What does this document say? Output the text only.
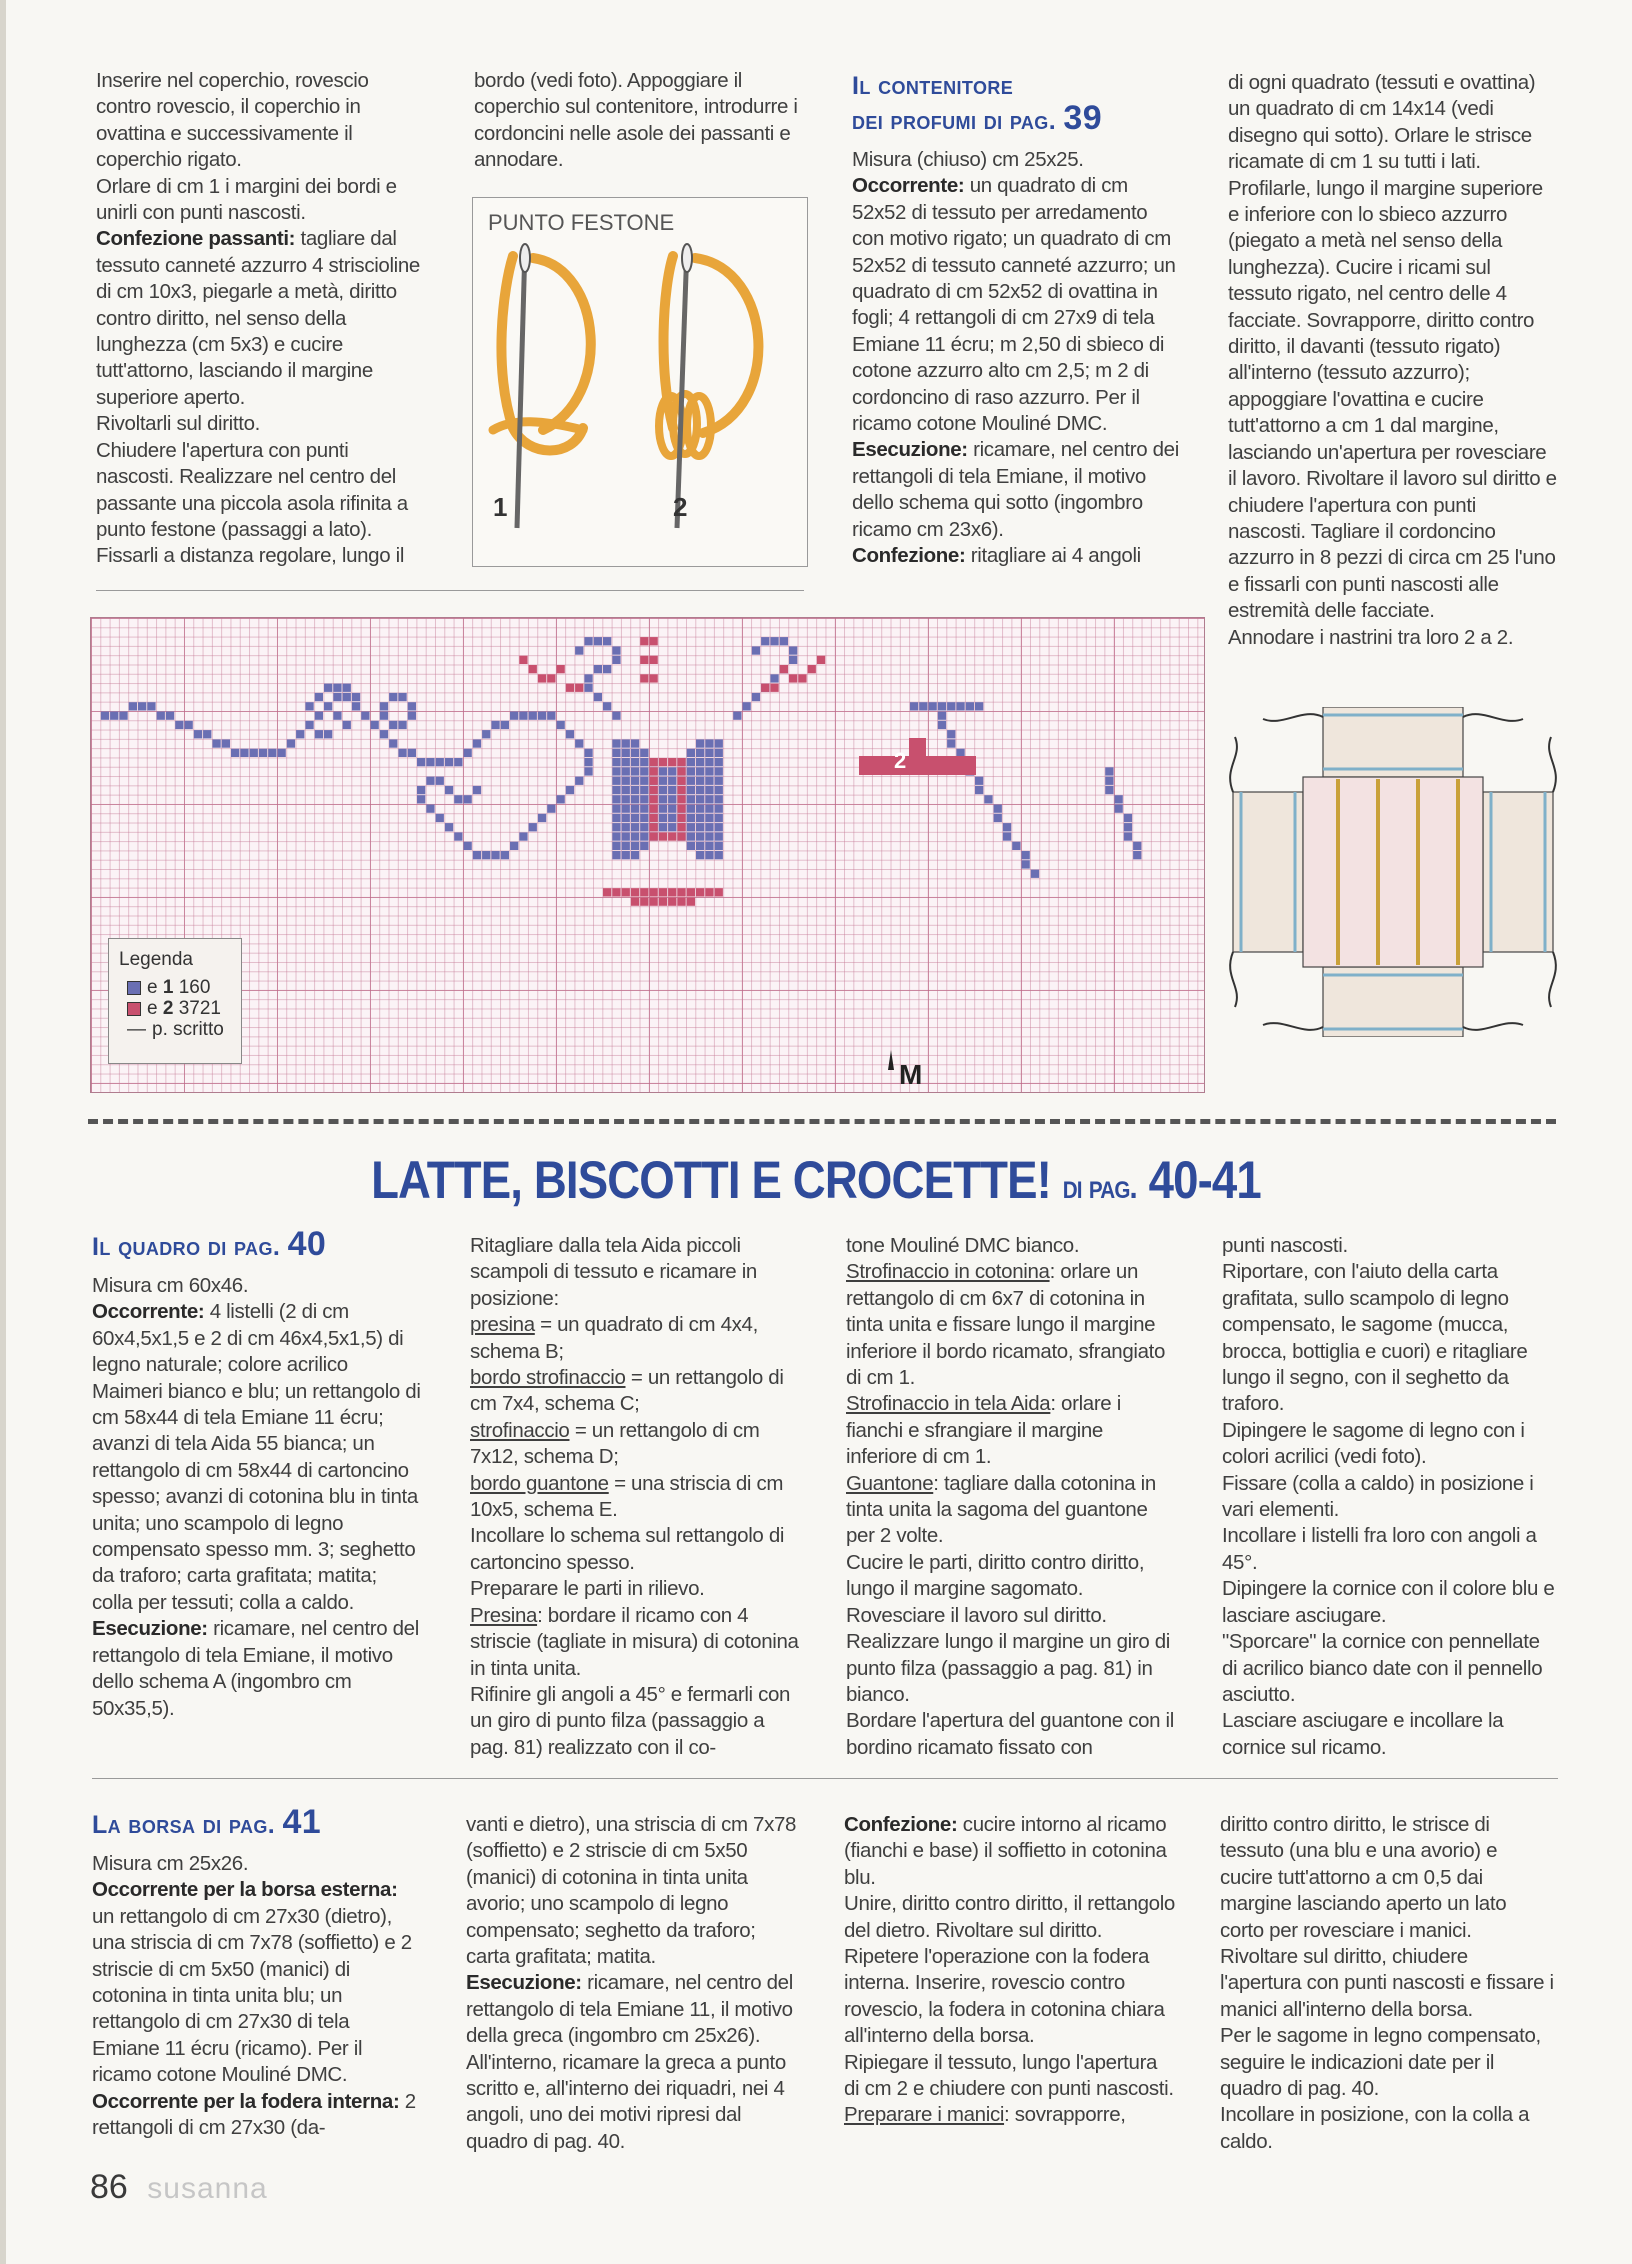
Inserire nel coperchio, rovescio contro rovescio, il coperchio in ovattina e successivamente il coperchio rigato.

Orlare di cm 1 i margini dei bordi e unirli con punti nascosti.

Confezione passanti: tagliare dal tessuto canneté azzurro 4 striscioline di cm 10x3, piegarle a metà, diritto contro diritto, nel senso della lunghezza (cm 5x3) e cucire tutt'attorno, lasciando il margine superiore aperto.

Rivoltarli sul diritto.

Chiudere l'apertura con punti nascosti. Realizzare nel centro del passante una piccola asola rifinita a punto festone (passaggi a lato). Fissarli a distanza regolare, lungo il

bordo (vedi foto). Appoggiare il coperchio sul contenitore, introdurre i cordoncini nelle asole dei passanti e annodare.

PUNTO FESTONE
1	2
Il contenitore
dei profumi di pag. 39

Misura (chiuso) cm 25x25.

Occorrente: un quadrato di cm 52x52 di tessuto per arredamento con motivo rigato; un quadrato di cm 52x52 di tessuto canneté azzurro; un quadrato di cm 52x52 di ovattina in fogli; 4 rettangoli di cm 27x9 di tela Emiane 11 écru; m 2,50 di sbieco di cotone azzurro alto cm 2,5; m 2 di cordoncino di raso azzurro. Per il ricamo cotone Mouliné DMC.

Esecuzione: ricamare, nel centro dei rettangoli di tela Emiane, il motivo dello schema qui sotto (ingombro ricamo cm 23x6).

Confezione: ritagliare ai 4 angoli

di ogni quadrato (tessuti e ovattina) un quadrato di cm 14x14 (vedi disegno qui sotto). Orlare le strisce ricamate di cm 1 su tutti i lati. Profilarle, lungo il margine superiore e inferiore con lo sbieco azzurro (piegato a metà nel senso della lunghezza). Cucire i ricami sul tessuto rigato, nel centro delle 4 facciate. Sovrapporre, diritto contro diritto, il davanti (tessuto rigato) all'interno (tessuto azzurro); appoggiare l'ovattina e cucire tutt'attorno a cm 1 dal margine, lasciando un'apertura per rovesciare il lavoro. Rivoltare il lavoro sul diritto e chiudere l'apertura con punti nascosti. Tagliare il cordoncino azzurro in 8 pezzi di circa cm 25 l'uno e fissarli con punti nascosti alle estremità delle facciate.

Annodare i nastrini tra loro 2 a 2.

2
M
Legenda
e
1
160
e
2
3721
— p. scritto
LATTE, BISCOTTI E CROCETTE! di pag. 40-41
Il quadro di pag. 40

Misura cm 60x46.

Occorrente: 4 listelli (2 di cm 60x4,5x1,5 e 2 di cm 46x4,5x1,5) di legno naturale; colore acrilico Maimeri bianco e blu; un rettangolo di cm 58x44 di tela Emiane 11 écru; avanzi di tela Aida 55 bianca; un rettangolo di cm 58x44 di cartoncino spesso; avanzi di cotonina blu in tinta unita; uno scampolo di legno compensato spesso mm. 3; seghetto da traforo; carta grafitata; matita; colla per tessuti; colla a caldo.

Esecuzione: ricamare, nel centro del rettangolo di tela Emiane, il motivo dello schema A (ingombro cm 50x35,5).

Ritagliare dalla tela Aida piccoli scampoli di tessuto e ricamare in posizione:

presina = un quadrato di cm 4x4, schema B;

bordo strofinaccio = un rettangolo di cm 7x4, schema C;

strofinaccio = un rettangolo di cm 7x12, schema D;

bordo guantone = una striscia di cm 10x5, schema E.

Incollare lo schema sul rettangolo di cartoncino spesso.

Preparare le parti in rilievo.

Presina: bordare il ricamo con 4 striscie (tagliate in misura) di cotonina in tinta unita.

Rifinire gli angoli a 45° e fermarli con un giro di punto filza (passaggio a pag. 81) realizzato con il co-

tone Mouliné DMC bianco.

Strofinaccio in cotonina: orlare un rettangolo di cm 6x7 di cotonina in tinta unita e fissare lungo il margine inferiore il bordo ricamato, sfrangiato di cm 1.

Strofinaccio in tela Aida: orlare i fianchi e sfrangiare il margine inferiore di cm 1.

Guantone: tagliare dalla cotonina in tinta unita la sagoma del guantone per 2 volte.

Cucire le parti, diritto contro diritto, lungo il margine sagomato.

Rovesciare il lavoro sul diritto.

Realizzare lungo il margine un giro di punto filza (passaggio a pag. 81) in bianco.

Bordare l'apertura del guantone con il bordino ricamato fissato con

punti nascosti.

Riportare, con l'aiuto della carta grafitata, sullo scampolo di legno compensato, le sagome (mucca, brocca, bottiglia e cuori) e ritagliare lungo il segno, con il seghetto da traforo.

Dipingere le sagome di legno con i colori acrilici (vedi foto).

Fissare (colla a caldo) in posizione i vari elementi.

Incollare i listelli fra loro con angoli a 45°.

Dipingere la cornice con il colore blu e lasciare asciugare.

"Sporcare" la cornice con pennellate di acrilico bianco date con il pennello asciutto.

Lasciare asciugare e incollare la cornice sul ricamo.

La borsa di pag. 41

Misura cm 25x26.

Occorrente per la borsa esterna: un rettangolo di cm 27x30 (dietro), una striscia di cm 7x78 (soffietto) e 2 striscie di cm 5x50 (manici) di cotonina in tinta unita blu; un rettangolo di cm 27x30 di tela Emiane 11 écru (ricamo). Per il ricamo cotone Mouliné DMC.

Occorrente per la fodera interna: 2 rettangoli di cm 27x30 (da-

vanti e dietro), una striscia di cm 7x78 (soffietto) e 2 striscie di cm 5x50 (manici) di cotonina in tinta unita avorio; uno scampolo di legno compensato; seghetto da traforo; carta grafitata; matita.

Esecuzione: ricamare, nel centro del rettangolo di tela Emiane 11, il motivo della greca (ingombro cm 25x26). All'interno, ricamare la greca a punto scritto e, all'interno dei riquadri, nei 4 angoli, uno dei motivi ripresi dal quadro di pag. 40.

Confezione: cucire intorno al ricamo (fianchi e base) il soffietto in cotonina blu.

Unire, diritto contro diritto, il rettangolo del dietro. Rivoltare sul diritto.

Ripetere l'operazione con la fodera interna. Inserire, rovescio contro rovescio, la fodera in cotonina chiara all'interno della borsa.

Ripiegare il tessuto, lungo l'apertura di cm 2 e chiudere con punti nascosti.

Preparare i manici: sovrapporre,

diritto contro diritto, le strisce di tessuto (una blu e una avorio) e cucire tutt'attorno a cm 0,5 dai margine lasciando aperto un lato corto per rovesciare i manici.

Rivoltare sul diritto, chiudere l'apertura con punti nascosti e fissare i manici all'interno della borsa.

Per le sagome in legno compensato, seguire le indicazioni date per il quadro di pag. 40.

Incollare in posizione, con la colla a caldo.

86 susanna
